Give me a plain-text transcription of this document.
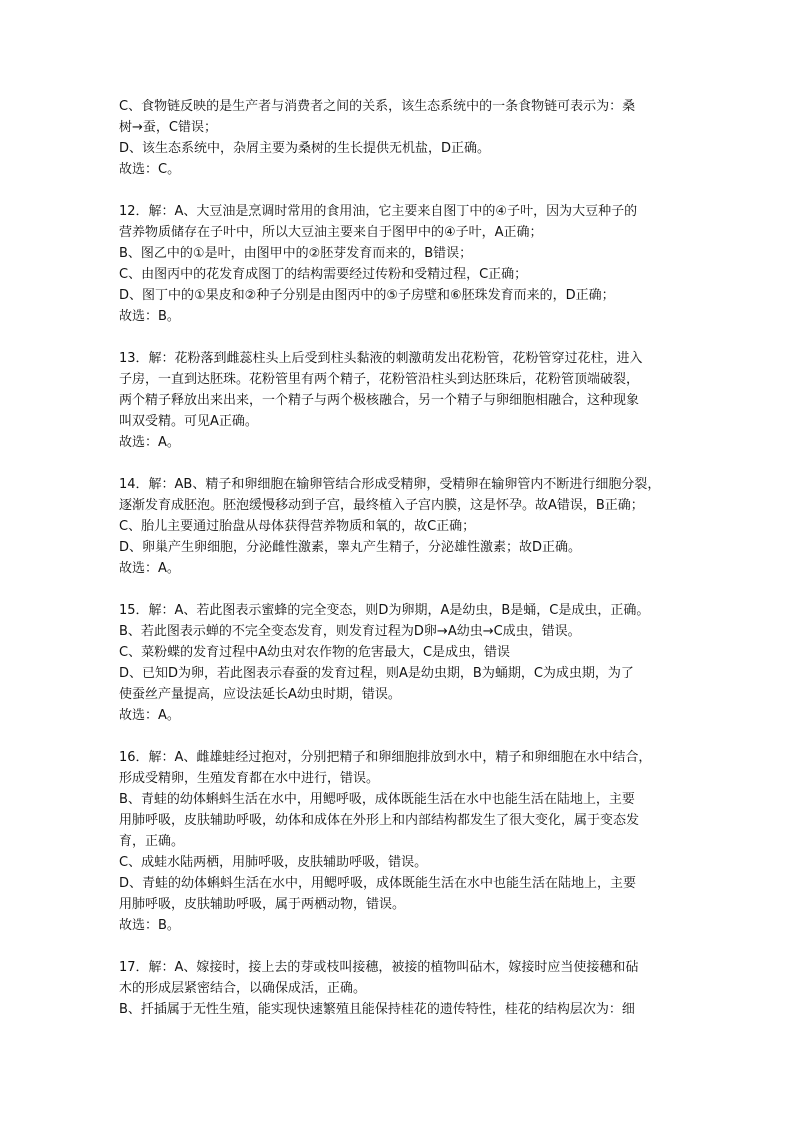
C、食物链反映的是生产者与消费者之间的关系，该生态系统中的一条食物链可表示为：桑
树→蚕，C错误；
D、该生态系统中，杂屑主要为桑树的生长提供无机盐，D正确。
故选：C。
12．解：A、大豆油是烹调时常用的食用油，它主要来自图丁中的④子叶，因为大豆种子的
营养物质储存在子叶中，所以大豆油主要来自于图甲中的④子叶，A正确；
B、图乙中的①是叶，由图甲中的②胚芽发育而来的，B错误；
C、由图丙中的花发育成图丁的结构需要经过传粉和受精过程，C正确；
D、图丁中的①果皮和②种子分别是由图丙中的⑤子房壁和⑥胚珠发育而来的，D正确；
故选：B。
13．解：花粉落到雌蕊柱头上后受到柱头黏液的刺激萌发出花粉管，花粉管穿过花柱，进入
子房，一直到达胚珠。花粉管里有两个精子，花粉管沿柱头到达胚珠后，花粉管顶端破裂，
两个精子释放出来出来，一个精子与两个极核融合，另一个精子与卵细胞相融合，这种现象
叫双受精。可见A正确。
故选：A。
14．解：AB、精子和卵细胞在输卵管结合形成受精卵，受精卵在输卵管内不断进行细胞分裂，
逐渐发育成胚泡。胚泡缓慢移动到子宫，最终植入子宫内膜，这是怀孕。故A错误，B正确；
C、胎儿主要通过胎盘从母体获得营养物质和氧的，故C正确；
D、卵巢产生卵细胞，分泌雌性激素，睾丸产生精子，分泌雄性激素；故D正确。
故选：A。
15．解：A、若此图表示蜜蜂的完全变态，则D为卵期，A是幼虫，B是蛹，C是成虫，正确。
B、若此图表示蝉的不完全变态发育，则发育过程为D卵→A幼虫→C成虫，错误。
C、菜粉蝶的发育过程中A幼虫对农作物的危害最大，C是成虫，错误
D、已知D为卵，若此图表示春蚕的发育过程，则A是幼虫期，B为蛹期，C为成虫期，为了
使蚕丝产量提高，应设法延长A幼虫时期，错误。
故选：A。
16．解：A、雌雄蛙经过抱对，分别把精子和卵细胞排放到水中，精子和卵细胞在水中结合，
形成受精卵，生殖发育都在水中进行，错误。
B、青蛙的幼体蝌蚪生活在水中，用鳃呼吸，成体既能生活在水中也能生活在陆地上，主要
用肺呼吸，皮肤辅助呼吸，幼体和成体在外形上和内部结构都发生了很大变化，属于变态发
育，正确。
C、成蛙水陆两栖，用肺呼吸，皮肤辅助呼吸，错误。
D、青蛙的幼体蝌蚪生活在水中，用鳃呼吸，成体既能生活在水中也能生活在陆地上，主要
用肺呼吸，皮肤辅助呼吸，属于两栖动物，错误。
故选：B。
17．解：A、嫁接时，接上去的芽或枝叫接穗，被接的植物叫砧木，嫁接时应当使接穗和砧
木的形成层紧密结合，以确保成活，正确。
B、扦插属于无性生殖，能实现快速繁殖且能保持桂花的遗传特性，桂花的结构层次为：细
